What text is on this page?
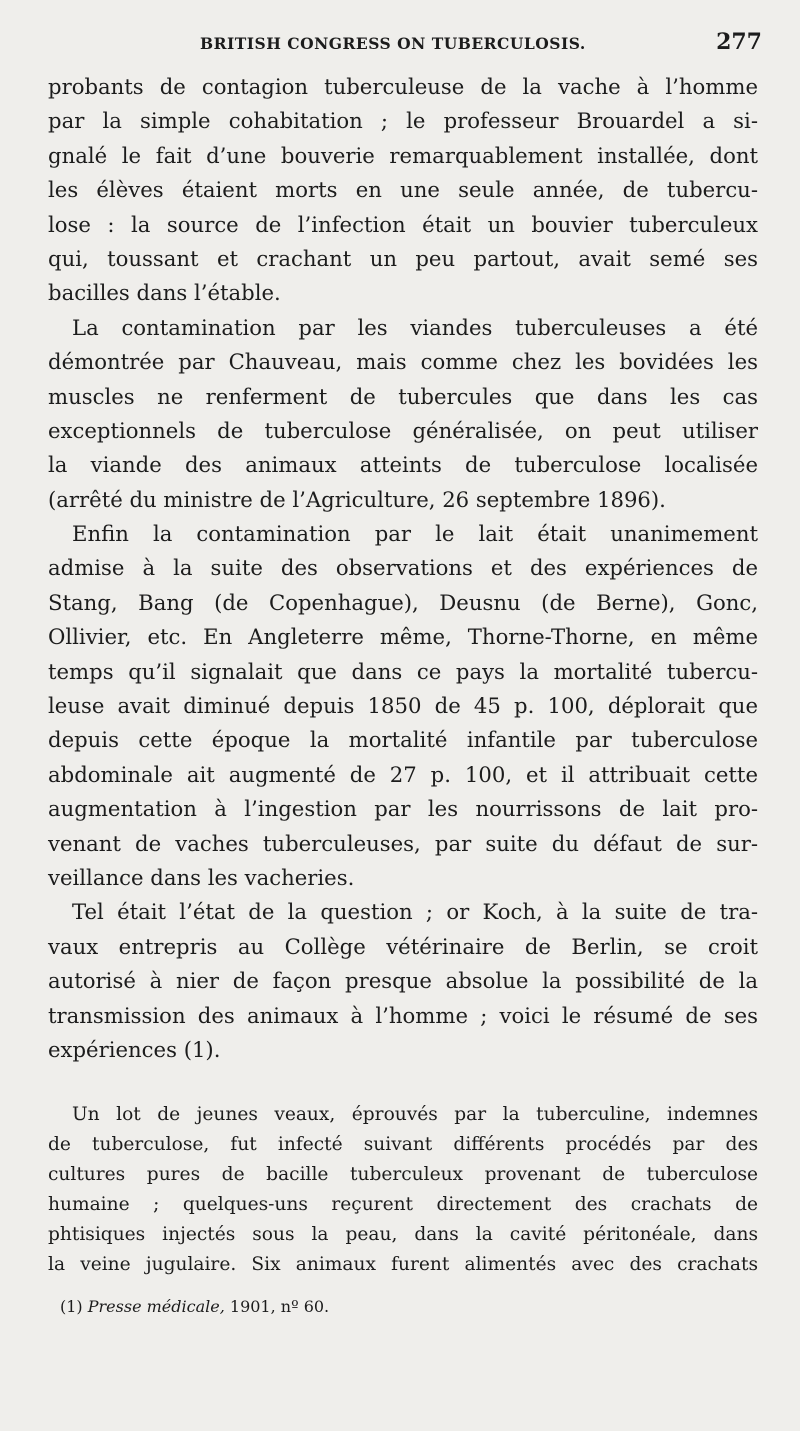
BRITISH CONGRESS ON TUBERCULOSIS.	277
probants de contagion tuberculeuse de la vache à l’homme
par la simple cohabitation ; le professeur Brouardel a si-
gnalé le fait d’une bouverie remarquablement installée, dont
les élèves étaient morts en une seule année, de tubercu-
lose : la source de l’infection était un bouvier tuberculeux
qui, toussant et crachant un peu partout, avait semé ses
bacilles dans l’étable.
La contamination par les viandes tuberculeuses a été
démontrée par Chauveau, mais comme chez les bovidées les
muscles ne renferment de tubercules que dans les cas
exceptionnels de tuberculose généralisée, on peut utiliser
la viande des animaux atteints de tuberculose localisée
(arrêté du ministre de l’Agriculture, 26 septembre 1896).
Enfin la contamination par le lait était unanimement
admise à la suite des observations et des expériences de
Stang, Bang (de Copenhague), Deusnu (de Berne), Gonc,
Ollivier, etc. En Angleterre même, Thorne-Thorne, en même
temps qu’il signalait que dans ce pays la mortalité tubercu-
leuse avait diminué depuis 1850 de 45 p. 100, déplorait que
depuis cette époque la mortalité infantile par tuberculose
abdominale ait augmenté de 27 p. 100, et il attribuait cette
augmentation à l’ingestion par les nourrissons de lait pro-
venant de vaches tuberculeuses, par suite du défaut de sur-
veillance dans les vacheries.
Tel était l’état de la question ; or Koch, à la suite de tra-
vaux entrepris au Collège vétérinaire de Berlin, se croit
autorisé à nier de façon presque absolue la possibilité de la
transmission des animaux à l’homme ; voici le résumé de ses
expériences (1).
Un lot de jeunes veaux, éprouvés par la tuberculine, indemnes
de tuberculose, fut infecté suivant différents procédés par des
cultures pures de bacille tuberculeux provenant de tuberculose
humaine ; quelques-uns reçurent directement des crachats de
phtisiques injectés sous la peau, dans la cavité péritonéale, dans
la veine jugulaire. Six animaux furent alimentés avec des crachats
(1) Presse médicale, 1901, nº 60.
